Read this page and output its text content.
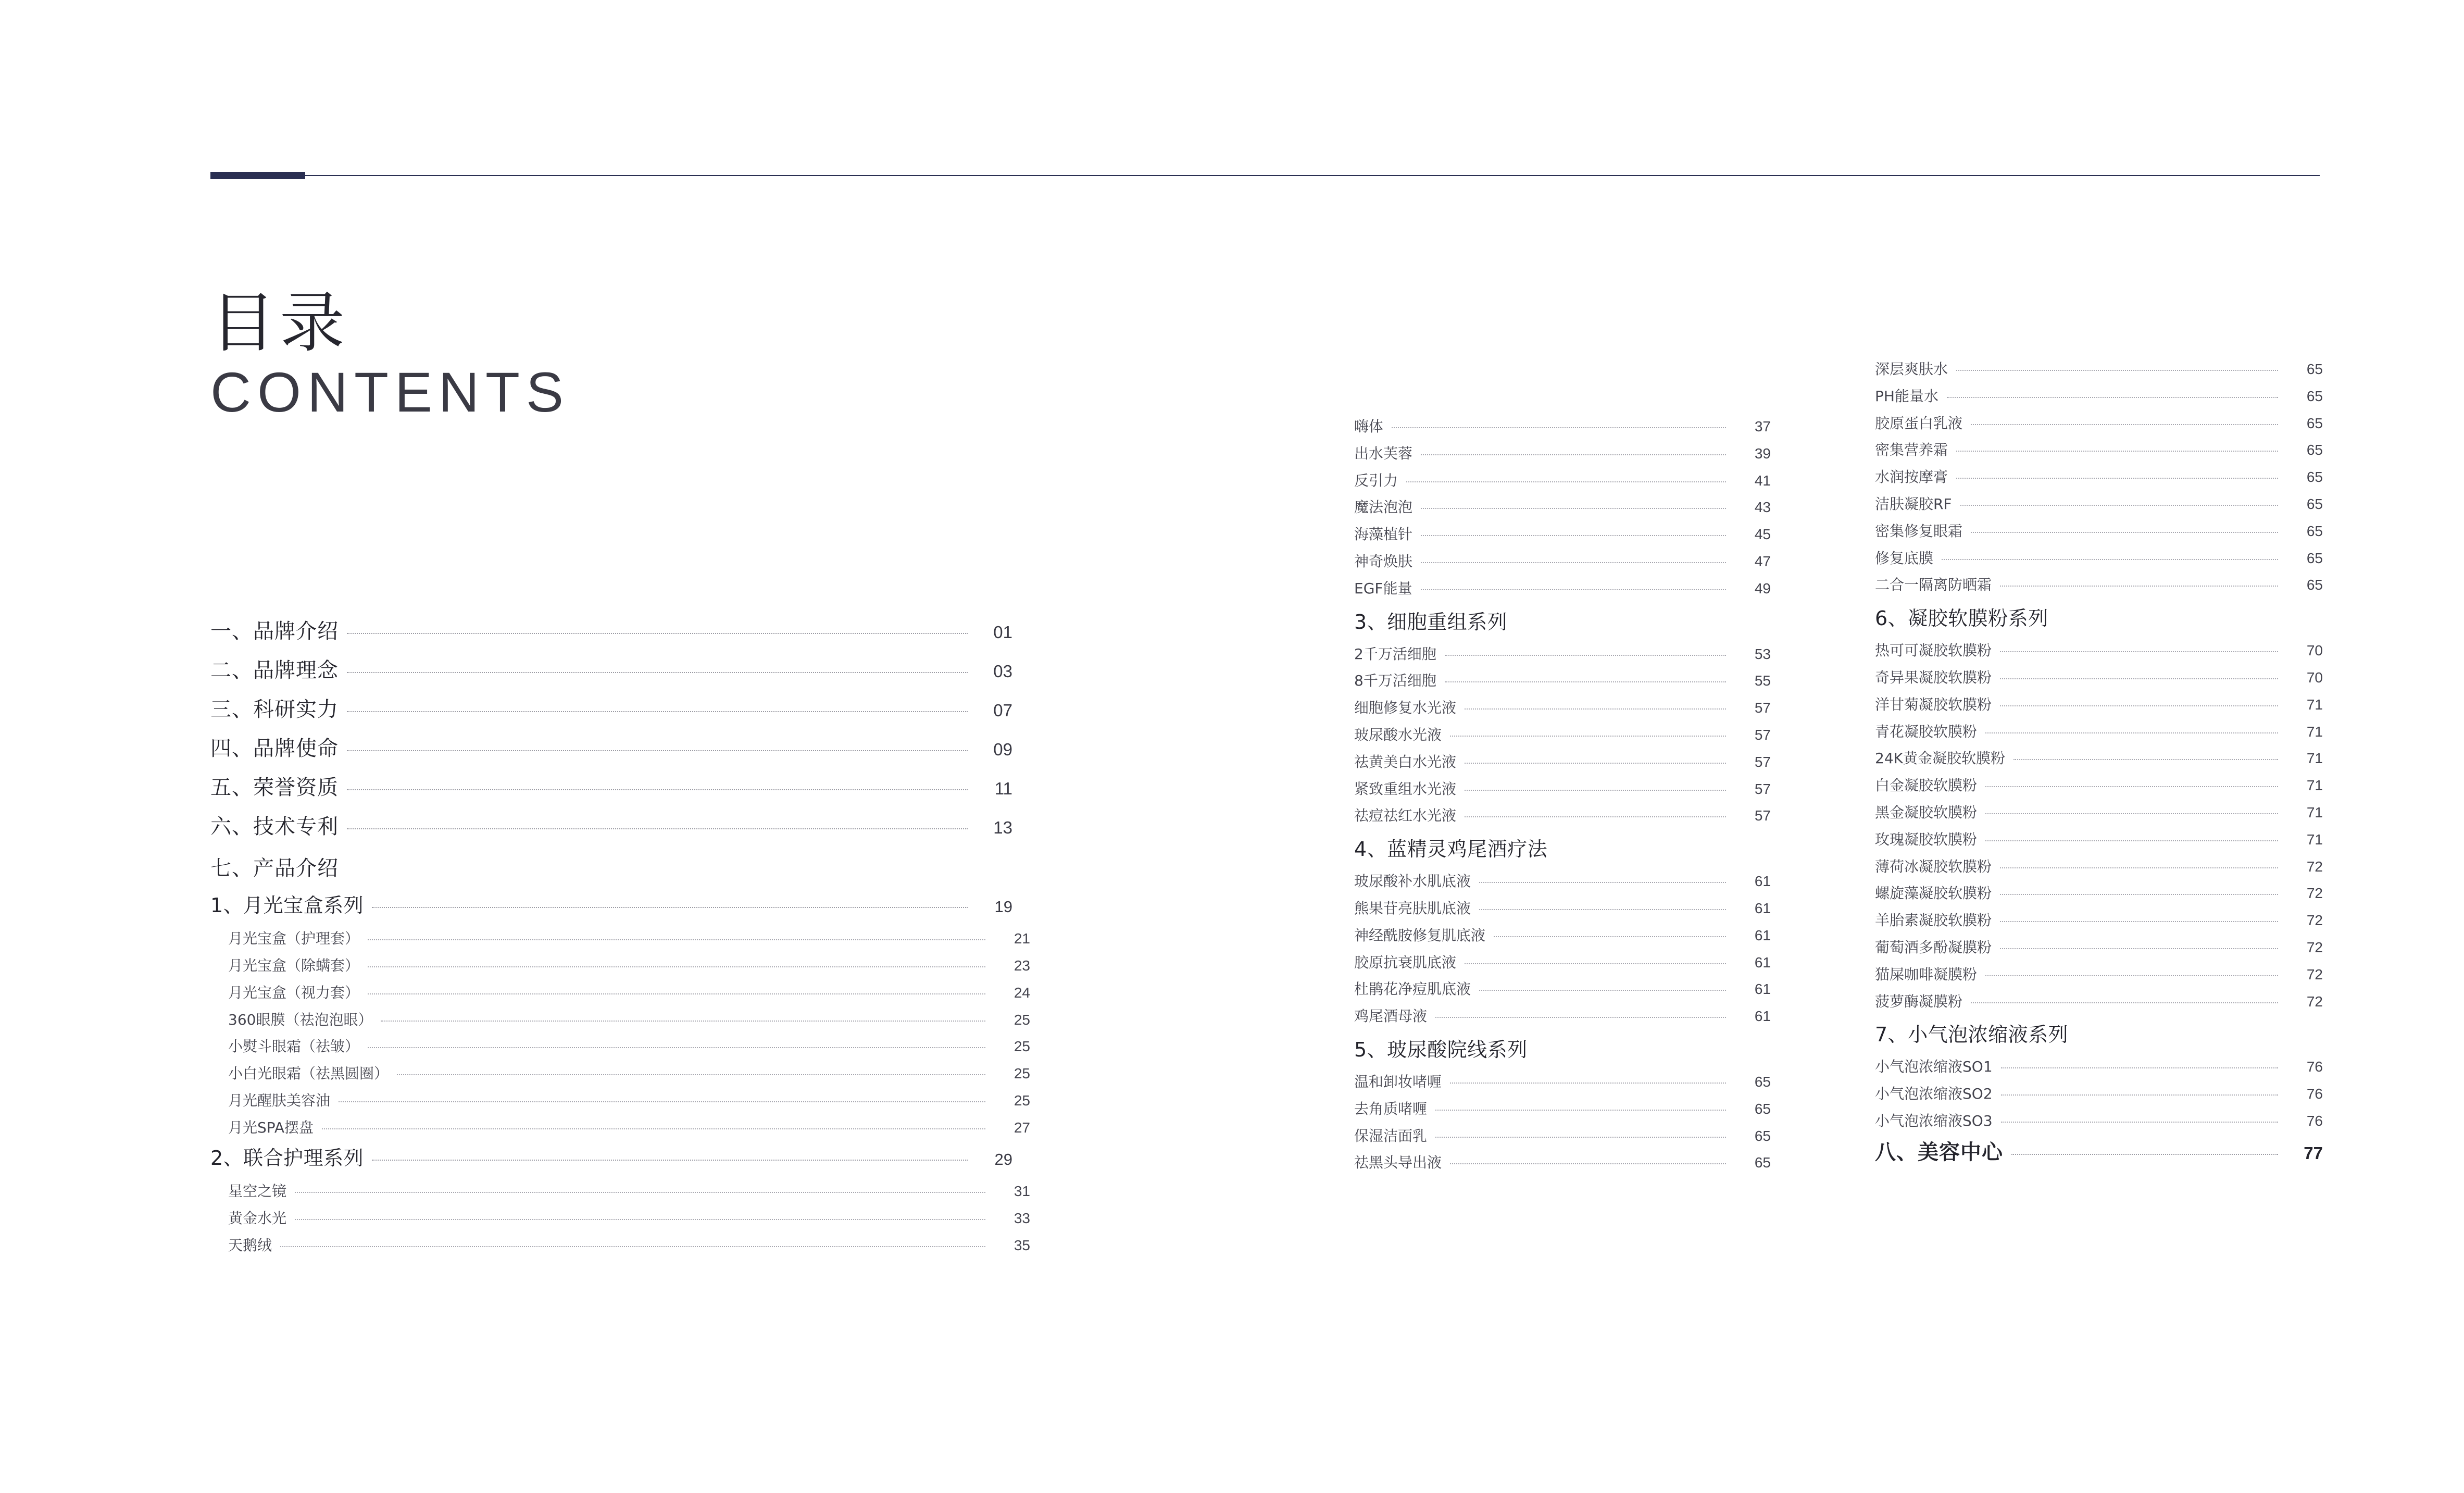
目录
CONTENTS
一、品牌介绍	01
二、品牌理念	03
三、科研实力	07
四、品牌使命	09
五、荣誉资质	11
六、技术专利	13
七、产品介绍
1、月光宝盒系列	19
月光宝盒（护理套）	21
月光宝盒（除螨套）	23
月光宝盒（视力套）	24
360眼膜（祛泡泡眼）	25
小熨斗眼霜（祛皱）	25
小白光眼霜（祛黑圆圈）	25
月光醒肤美容油	25
月光SPA摆盘	27
2、联合护理系列	29
星空之镜	31
黄金水光	33
天鹅绒	35
嗨体	37
出水芙蓉	39
反引力	41
魔法泡泡	43
海藻植针	45
神奇焕肤	47
EGF能量	49
3、细胞重组系列
2千万活细胞	53
8千万活细胞	55
细胞修复水光液	57
玻尿酸水光液	57
祛黄美白水光液	57
紧致重组水光液	57
祛痘祛红水光液	57
4、蓝精灵鸡尾酒疗法
玻尿酸补水肌底液	61
熊果苷亮肤肌底液	61
神经酰胺修复肌底液	61
胶原抗衰肌底液	61
杜鹃花净痘肌底液	61
鸡尾酒母液	61
5、玻尿酸院线系列
温和卸妆啫喱	65
去角质啫喱	65
保湿洁面乳	65
祛黑头导出液	65
深层爽肤水	65
PH能量水	65
胶原蛋白乳液	65
密集营养霜	65
水润按摩膏	65
洁肤凝胶RF	65
密集修复眼霜	65
修复底膜	65
二合一隔离防晒霜	65
6、凝胶软膜粉系列
热可可凝胶软膜粉	70
奇异果凝胶软膜粉	70
洋甘菊凝胶软膜粉	71
青花凝胶软膜粉	71
24K黄金凝胶软膜粉	71
白金凝胶软膜粉	71
黑金凝胶软膜粉	71
玫瑰凝胶软膜粉	71
薄荷冰凝胶软膜粉	72
螺旋藻凝胶软膜粉	72
羊胎素凝胶软膜粉	72
葡萄酒多酚凝膜粉	72
猫屎咖啡凝膜粉	72
菠萝酶凝膜粉	72
7、小气泡浓缩液系列
小气泡浓缩液SO1	76
小气泡浓缩液SO2	76
小气泡浓缩液SO3	76
八、美容中心	77
